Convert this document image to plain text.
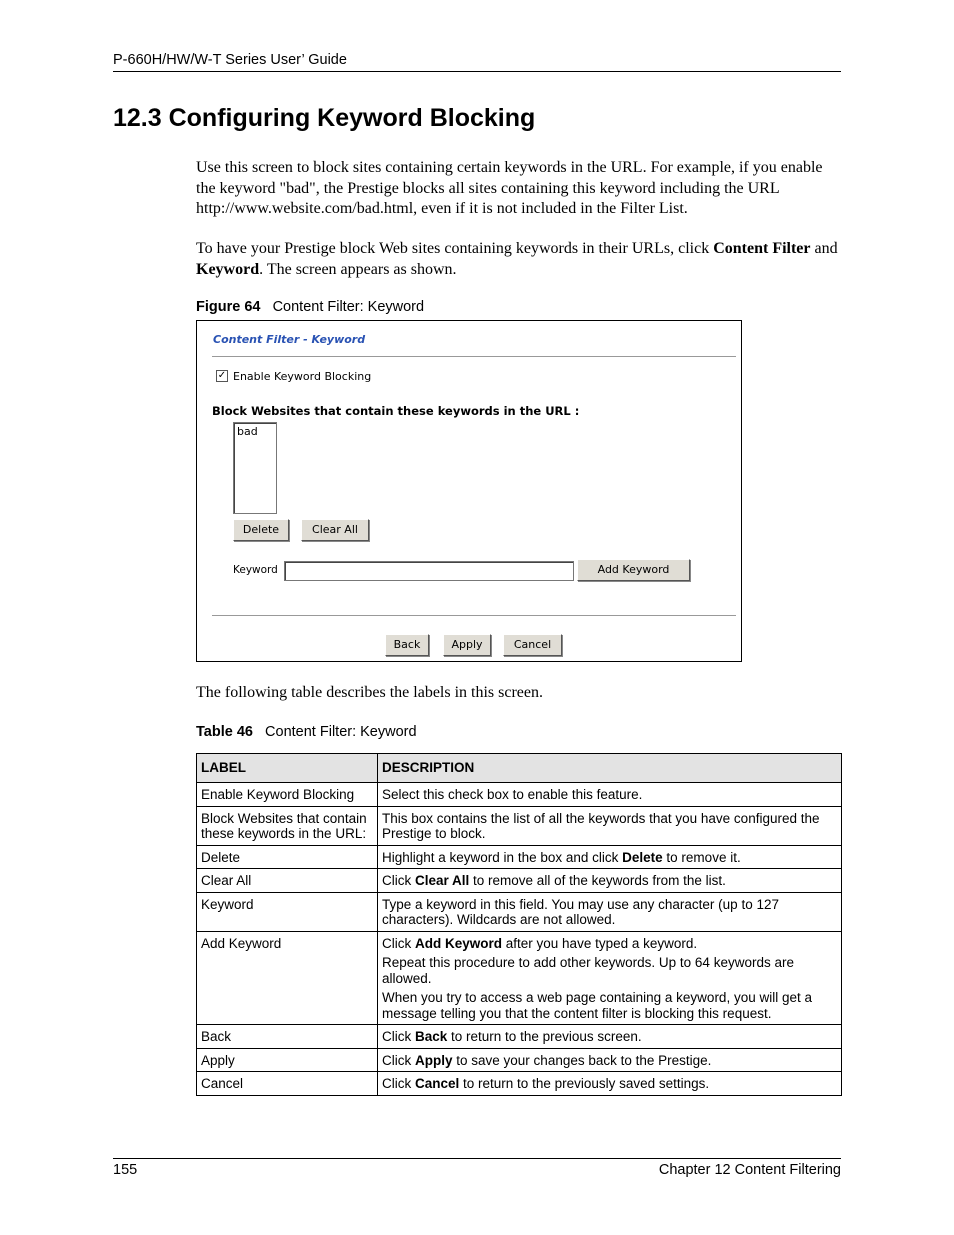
P-660H/HW/W-T Series User’ Guide
12.3 Configuring Keyword Blocking
Use this screen to block sites containing certain keywords in the URL. For example, if you enable the keyword "bad", the Prestige blocks all sites containing this keyword including the URL http://www.website.com/bad.html, even if it is not included in the Filter List.
To have your Prestige block Web sites containing keywords in their URLs, click Content Filter and Keyword. The screen appears as shown.
Figure 64 Content Filter: Keyword
Content Filter - Keyword
✓ Enable Keyword Blocking
Block Websites that contain these keywords in the URL :
bad
Delete	Clear All
Keyword	Add Keyword
Back	Apply	Cancel
The following table describes the labels in this screen.
Table 46 Content Filter: Keyword
LABEL	DESCRIPTION
Enable Keyword Blocking	Select this check box to enable this feature.

Block Websites that contain these keywords in the URL:	This box contains the list of all the keywords that you have configured the Prestige to block.

Delete	Highlight a keyword in the box and click Delete to remove it.

Clear All	Click Clear All to remove all of the keywords from the list.

Keyword	Type a keyword in this field. You may use any character (up to 127 characters). Wildcards are not allowed.

Add Keyword	Click Add Keyword after you have typed a keyword.

Repeat this procedure to add other keywords. Up to 64 keywords are allowed.

When you try to access a web page containing a keyword, you will get a message telling you that the content filter is blocking this request.

Back	Click Back to return to the previous screen.

Apply	Click Apply to save your changes back to the Prestige.

Cancel	Click Cancel to return to the previously saved settings.

155	Chapter 12 Content Filtering
